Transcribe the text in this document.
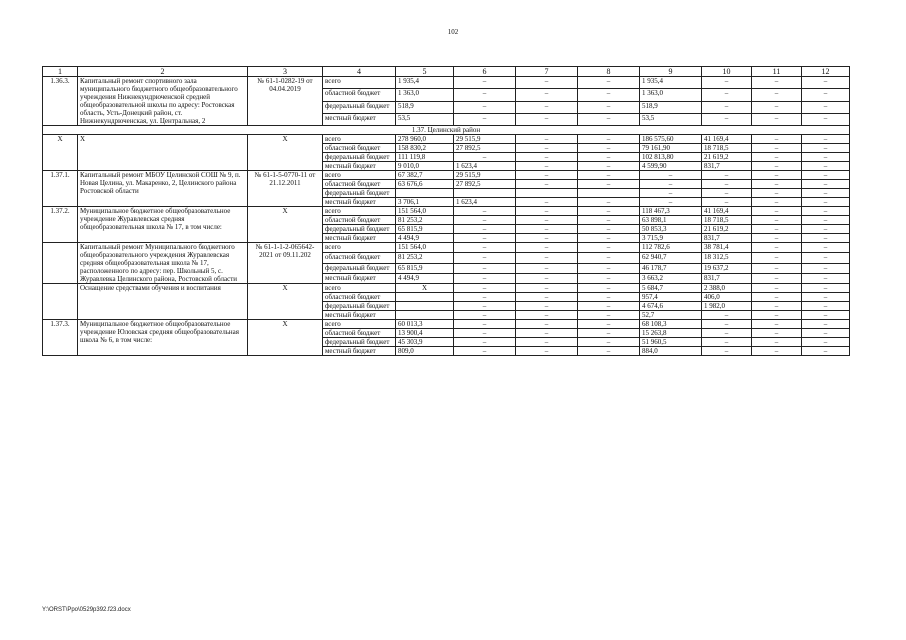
102
1	2	3	4	5	6	7	8	9	10	11	12
1.36.3.	Капитальный ремонт спортивного зала муниципального бюджетного общеобразовательного учреждения Нижнекундрюченской средней общеобразовательной школы по адресу: Ростовская область, Усть-Донецкий район, ст. Нижнекундрюченская, ул. Центральная, 2	№ 61-1-0282-19 от 04.04.2019	всего	1 935,4	–	–	–	1 935,4	–	–	–
			областной бюджет	1 363,0	–	–	–	1 363,0	–	–	–
			федеральный бюджет	518,9	–	–	–	518,9	–	–	–
			местный бюджет	53,5	–	–	–	53,5	–	–	–
1.37. Целинский район											
X	X	X	всего	278 960,0	29 515,9	–	–	186 575,60	41 169,4	–	–
			областной бюджет	158 830,2	27 892,5	–	–	79 161,90	18 718,5	–	–
			федеральный бюджет	111 119,8	–	–	–	102 813,80	21 619,2	–	–
			местный бюджет	9 010,0	1 623,4	–	–	4 599,90	831,7	–	–
1.37.1.	Капитальный ремонт МБОУ Целинской СОШ № 9, п. Новая Целина, ул. Макаренко, 2, Целинского района Ростовской области	№ 61-1-5-0770-11 от 21.12.2011	всего	67 382,7	29 515,9	–	–	–	–	–	–
			областной бюджет	63 676,6	27 892,5	–	–	–	–	–	–
			федеральный бюджет					–	–	–	–
			местный бюджет	3 706,1	1 623,4	–	–	–	–	–	–
1.37.2.	Муниципальное бюджетное общеобразовательное учреждение Журавлевская средняя общеобразовательная школа № 17, в том числе:	X	всего	151 564,0	–	–	–	118 467,3	41 169,4	–	–
			областной бюджет	81 253,2	–	–	–	63 898,1	18 718,5	–	–
			федеральный бюджет	65 815,9	–	–	–	50 853,3	21 619,2	–	–
			местный бюджет	4 494,9	–	–	–	3 715,9	831,7	–	–
	Капитальный ремонт Муниципального бюджетного общеобразовательного учреждения Журавлевская средняя общеобразовательная школа № 17, расположенного по адресу: пер. Школьный 5, с. Журавлевка Целинского района, Ростовской области	№ 61-1-1-2-065642-2021 от 09.11.202	всего	151 564,0	–	–	–	112 782,6	38 781,4	–	–
			областной бюджет	81 253,2	–	–	–	62 940,7	18 312,5	–	–
			федеральный бюджет	65 815,9	–	–	–	46 178,7	19 637,2	–	–
			местный бюджет	4 494,9	–	–	–	3 663,2	831,7	–	–
	Оснащение средствами обучения и воспитания	X	всего	X	–	–	–	5 684,7	2 388,0	–	–
			областной бюджет		–	–	–	957,4	406,0	–	–
			федеральный бюджет		–	–	–	4 674,6	1 982,0	–	–
			местный бюджет		–	–	–	52,7	–	–	–
1.37.3.	Муниципальное бюджетное общеобразовательное учреждение Юловская средняя общеобразовательная школа № 6, в том числе:	X	всего	60 013,3	–	–	–	68 108,3	–	–	–
			областной бюджет	13 900,4	–	–	–	15 263,8	–	–	–
			федеральный бюджет	45 303,9	–	–	–	51 960,5	–	–	–
			местный бюджет	809,0	–	–	–	884,0	–	–	–
Y:\ORST\Ppo\0529p392.f23.docx
